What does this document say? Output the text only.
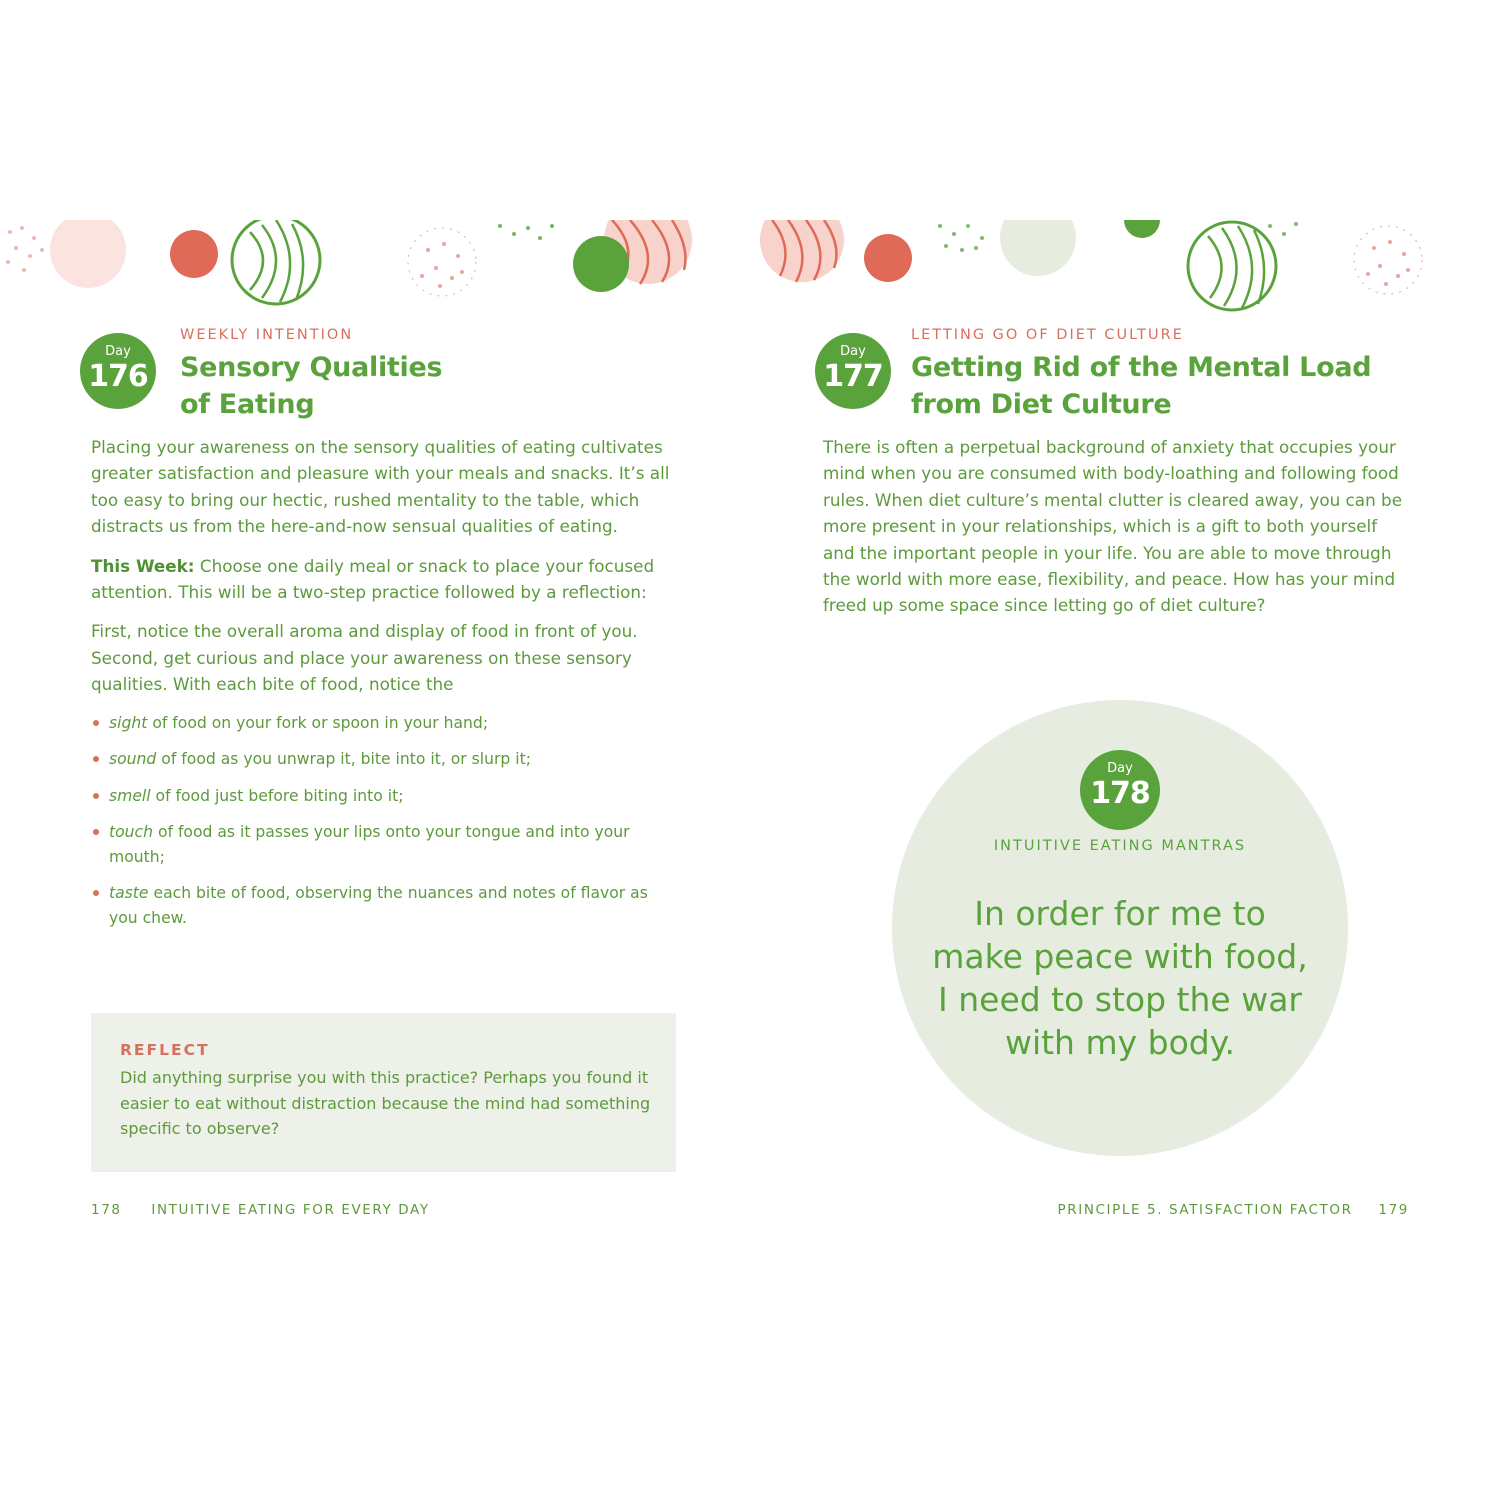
Day
176
WEEKLY INTENTION
Sensory Qualities
of Eating

Placing your awareness on the sensory qualities of eating cultivates greater satisfaction and pleasure with your meals and snacks. It’s all too easy to bring our hectic, rushed mentality to the table, which distracts us from the here-and-now sensual qualities of eating.

This Week: Choose one daily meal or snack to place your focused attention. This will be a two-step practice followed by a reflection:

First, notice the overall aroma and display of food in front of you. Second, get curious and place your awareness on these sensory qualities. With each bite of food, notice the

sight of food on your fork or spoon in your hand;
sound of food as you unwrap it, bite into it, or slurp it;
smell of food just before biting into it;
touch of food as it passes your lips onto your tongue and into your mouth;
taste each bite of food, observing the nuances and notes of flavor as you chew.
REFLECT
Did anything surprise you with this practice? Perhaps you found it easier to eat without distraction because the mind had something specific to observe?
178 INTUITIVE EATING FOR EVERY DAY
Day
177
LETTING GO OF DIET CULTURE
Getting Rid of the Mental Load
from Diet Culture

There is often a perpetual background of anxiety that occupies your mind when you are consumed with body-loathing and following food rules. When diet culture’s mental clutter is cleared away, you can be more present in your relationships, which is a gift to both yourself and the important people in your life. You are able to move through the world with more ease, flexibility, and peace. How has your mind freed up some space since letting go of diet culture?

Day
178
INTUITIVE EATING MANTRAS
In order for me to
make peace with food,
I need to stop the war
with my body.
PRINCIPLE 5. SATISFACTION FACTOR 179
